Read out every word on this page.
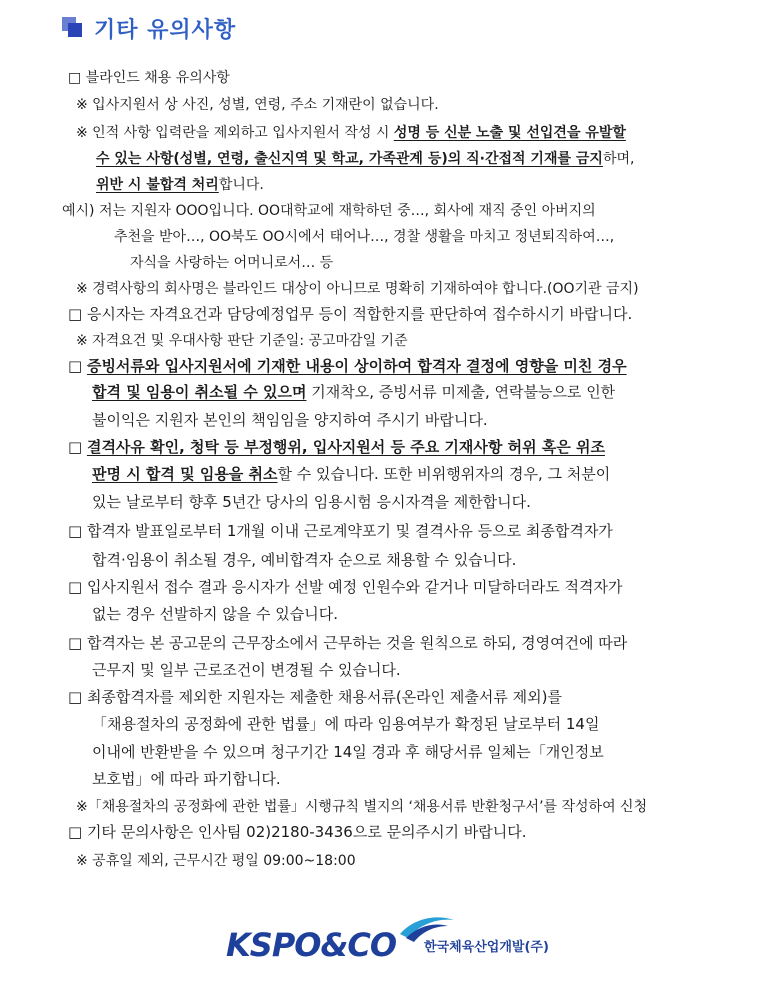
기타 유의사항
□ 블라인드 채용 유의사항
※ 입사지원서 상 사진, 성별, 연령, 주소 기재란이 없습니다.
※ 인적 사항 입력란을 제외하고 입사지원서 작성 시 성명 등 신분 노출 및 선입견을 유발할
수 있는 사항(성별, 연령, 출신지역 및 학교, 가족관계 등)의 직·간접적 기재를 금지하며,
위반 시 불합격 처리합니다.
예시) 저는 지원자 OOO입니다. OO대학교에 재학하던 중…, 회사에 재직 중인 아버지의
추천을 받아…, OO북도 OO시에서 태어나…, 경찰 생활을 마치고 정년퇴직하여…,
자식을 사랑하는 어머니로서… 등
※ 경력사항의 회사명은 블라인드 대상이 아니므로 명확히 기재하여야 합니다.(OO기관 금지)
□ 응시자는 자격요건과 담당예정업무 등이 적합한지를 판단하여 접수하시기 바랍니다.
※ 자격요건 및 우대사항 판단 기준일: 공고마감일 기준
□ 증빙서류와 입사지원서에 기재한 내용이 상이하여 합격자 결정에 영향을 미친 경우
합격 및 임용이 취소될 수 있으며 기재착오, 증빙서류 미제출, 연락불능으로 인한
불이익은 지원자 본인의 책임임을 양지하여 주시기 바랍니다.
□ 결격사유 확인, 청탁 등 부정행위, 입사지원서 등 주요 기재사항 허위 혹은 위조
판명 시 합격 및 임용을 취소할 수 있습니다. 또한 비위행위자의 경우, 그 처분이
있는 날로부터 향후 5년간 당사의 임용시험 응시자격을 제한합니다.
□ 합격자 발표일로부터 1개월 이내 근로계약포기 및 결격사유 등으로 최종합격자가
합격·임용이 취소될 경우, 예비합격자 순으로 채용할 수 있습니다.
□ 입사지원서 접수 결과 응시자가 선발 예정 인원수와 같거나 미달하더라도 적격자가
없는 경우 선발하지 않을 수 있습니다.
□ 합격자는 본 공고문의 근무장소에서 근무하는 것을 원칙으로 하되, 경영여건에 따라
근무지 및 일부 근로조건이 변경될 수 있습니다.
□ 최종합격자를 제외한 지원자는 제출한 채용서류(온라인 제출서류 제외)를
「채용절차의 공정화에 관한 법률」에 따라 임용여부가 확정된 날로부터 14일
이내에 반환받을 수 있으며 청구기간 14일 경과 후 해당서류 일체는「개인정보
보호법」에 따라 파기합니다.
※「채용절차의 공정화에 관한 법률」시행규칙 별지의 ‘채용서류 반환청구서’를 작성하여 신청
□ 기타 문의사항은 인사팀 02)2180-3436으로 문의주시기 바랍니다.
※ 공휴일 제외, 근무시간 평일 09:00~18:00
KSPO&CO 한국체육산업개발(주)
